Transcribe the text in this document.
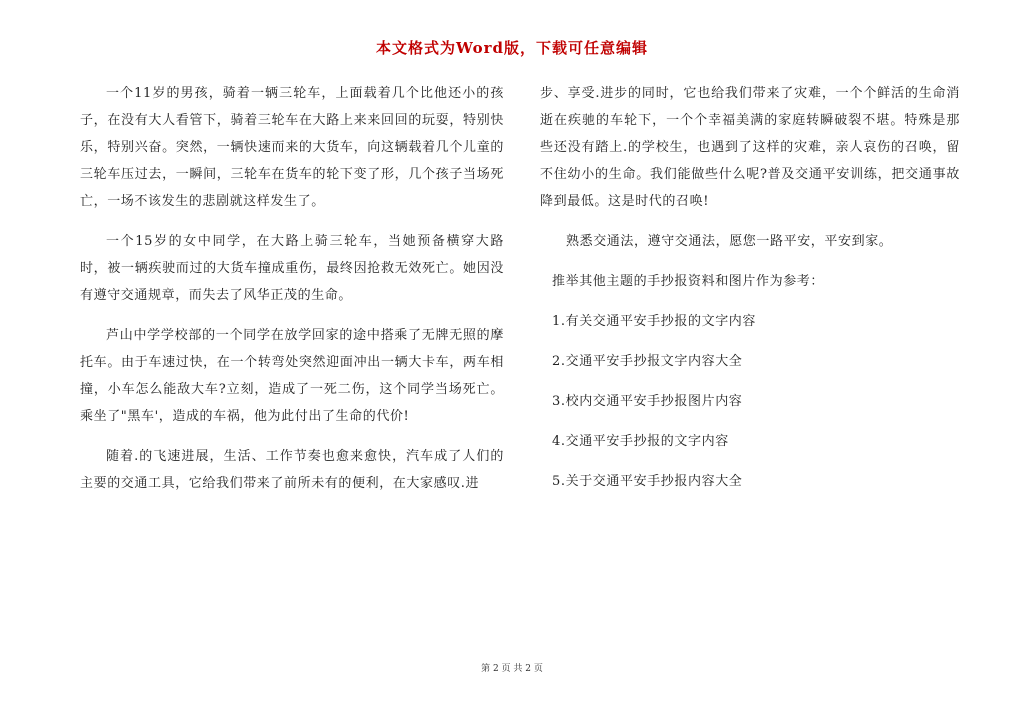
本文格式为Word版，下载可任意编辑

一个11岁的男孩，骑着一辆三轮车，上面载着几个比他还小的孩子，在没有大人看管下，骑着三轮车在大路上来来回回的玩耍，特别快乐，特别兴奋。突然，一辆快速而来的大货车，向这辆载着几个儿童的三轮车压过去，一瞬间，三轮车在货车的轮下变了形，几个孩子当场死亡，一场不该发生的悲剧就这样发生了。

一个15岁的女中同学，在大路上骑三轮车，当她预备横穿大路时，被一辆疾驶而过的大货车撞成重伤，最终因抢救无效死亡。她因没有遵守交通规章，而失去了风华正茂的生命。

芦山中学学校部的一个同学在放学回家的途中搭乘了无牌无照的摩托车。由于车速过快，在一个转弯处突然迎面冲出一辆大卡车，两车相撞，小车怎么能敌大车?立刻，造成了一死二伤，这个同学当场死亡。乘坐了"黑车'，造成的车祸，他为此付出了生命的代价!

随着.的飞速进展，生活、工作节奏也愈来愈快，汽车成了人们的主要的交通工具，它给我们带来了前所未有的便利，在大家感叹.进

步、享受.进步的同时，它也给我们带来了灾难，一个个鲜活的生命消逝在疾驰的车轮下，一个个幸福美满的家庭转瞬破裂不堪。特殊是那些还没有踏上.的学校生，也遇到了这样的灾难，亲人哀伤的召唤，留不住幼小的生命。我们能做些什么呢?普及交通平安训练，把交通事故降到最低。这是时代的召唤!

熟悉交通法，遵守交通法，愿您一路平安，平安到家。

推举其他主题的手抄报资料和图片作为参考：

1.有关交通平安手抄报的文字内容
2.交通平安手抄报文字内容大全
3.校内交通平安手抄报图片内容
4.交通平安手抄报的文字内容
5.关于交通平安手抄报内容大全
第 2 页 共 2 页
